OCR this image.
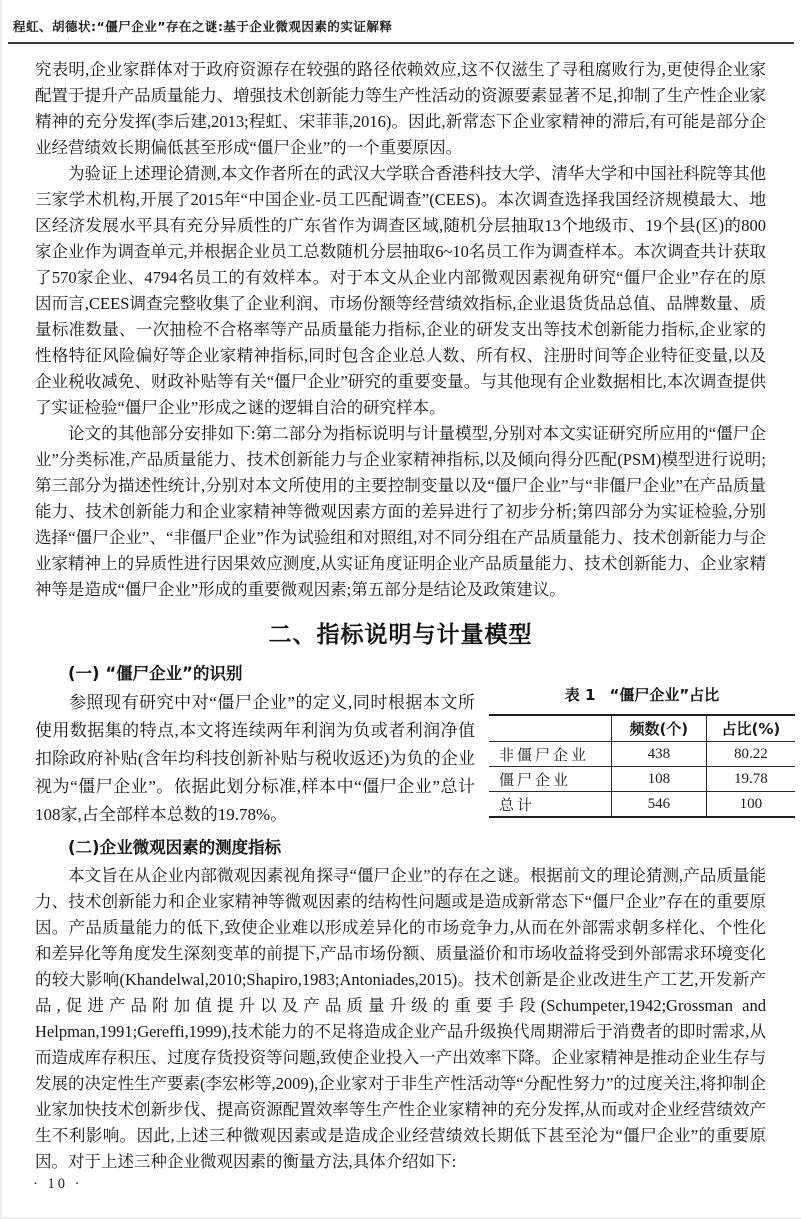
程虹、胡德状:“僵尸企业”存在之谜:基于企业微观因素的实证解释

究表明,企业家群体对于政府资源存在较强的路径依赖效应,这不仅滋生了寻租腐败行为,更使得企业家配置于提升产品质量能力、增强技术创新能力等生产性活动的资源要素显著不足,抑制了生产性企业家精神的充分发挥(李后建,2013;程虹、宋菲菲,2016)。因此,新常态下企业家精神的滞后,有可能是部分企业经营绩效长期偏低甚至形成“僵尸企业”的一个重要原因。

为验证上述理论猜测,本文作者所在的武汉大学联合香港科技大学、清华大学和中国社科院等其他三家学术机构,开展了2015年“中国企业-员工匹配调查”(CEES)。本次调查选择我国经济规模最大、地区经济发展水平具有充分异质性的广东省作为调查区域,随机分层抽取13个地级市、19个县(区)的800家企业作为调查单元,并根据企业员工总数随机分层抽取6~10名员工作为调查样本。本次调查共计获取了570家企业、4794名员工的有效样本。对于本文从企业内部微观因素视角研究“僵尸企业”存在的原因而言,CEES调查完整收集了企业利润、市场份额等经营绩效指标,企业退货货品总值、品牌数量、质量标准数量、一次抽检不合格率等产品质量能力指标,企业的研发支出等技术创新能力指标,企业家的性格特征风险偏好等企业家精神指标,同时包含企业总人数、所有权、注册时间等企业特征变量,以及企业税收减免、财政补贴等有关“僵尸企业”研究的重要变量。与其他现有企业数据相比,本次调查提供了实证检验“僵尸企业”形成之谜的逻辑自洽的研究样本。

论文的其他部分安排如下:第二部分为指标说明与计量模型,分别对本文实证研究所应用的“僵尸企业”分类标准,产品质量能力、技术创新能力与企业家精神指标,以及倾向得分匹配(PSM)模型进行说明;第三部分为描述性统计,分别对本文所使用的主要控制变量以及“僵尸企业”与“非僵尸企业”在产品质量能力、技术创新能力和企业家精神等微观因素方面的差异进行了初步分析;第四部分为实证检验,分别选择“僵尸企业”、“非僵尸企业”作为试验组和对照组,对不同分组在产品质量能力、技术创新能力与企业家精神上的异质性进行因果效应测度,从实证角度证明企业产品质量能力、技术创新能力、企业家精神等是造成“僵尸企业”形成的重要微观因素;第五部分是结论及政策建议。

二、指标说明与计量模型
表 1 “僵尸企业”占比
	频数(个)	占比(%)
非僵尸企业	438	80.22
僵尸企业	108	19.78
总计	546	100
(一) “僵尸企业”的识别

参照现有研究中对“僵尸企业”的定义,同时根据本文所使用数据集的特点,本文将连续两年利润为负或者利润净值扣除政府补贴(含年均科技创新补贴与税收返还)为负的企业视为“僵尸企业”。依据此划分标准,样本中“僵尸企业”总计108家,占全部样本总数的19.78%。

(二)企业微观因素的测度指标

本文旨在从企业内部微观因素视角探寻“僵尸企业”的存在之谜。根据前文的理论猜测,产品质量能力、技术创新能力和企业家精神等微观因素的结构性问题或是造成新常态下“僵尸企业”存在的重要原因。产品质量能力的低下,致使企业难以形成差异化的市场竞争力,从而在外部需求朝多样化、个性化和差异化等角度发生深刻变革的前提下,产品市场份额、质量溢价和市场收益将受到外部需求环境变化的较大影响(Khandelwal,2010;Shapiro,1983;Antoniades,2015)。技术创新是企业改进生产工艺,开发新产品,促进产品附加值提升以及产品质量升级的重要手段(Schumpeter,1942;Grossman and Helpman,1991;Gereffi,1999),技术能力的不足将造成企业产品升级换代周期滞后于消费者的即时需求,从而造成库存积压、过度存货投资等问题,致使企业投入一产出效率下降。企业家精神是推动企业生存与发展的决定性生产要素(李宏彬等,2009),企业家对于非生产性活动等“分配性努力”的过度关注,将抑制企业家加快技术创新步伐、提高资源配置效率等生产性企业家精神的充分发挥,从而或对企业经营绩效产生不利影响。因此,上述三种微观因素或是造成企业经营绩效长期低下甚至沦为“僵尸企业”的重要原因。对于上述三种企业微观因素的衡量方法,具体介绍如下:

· 10 ·
